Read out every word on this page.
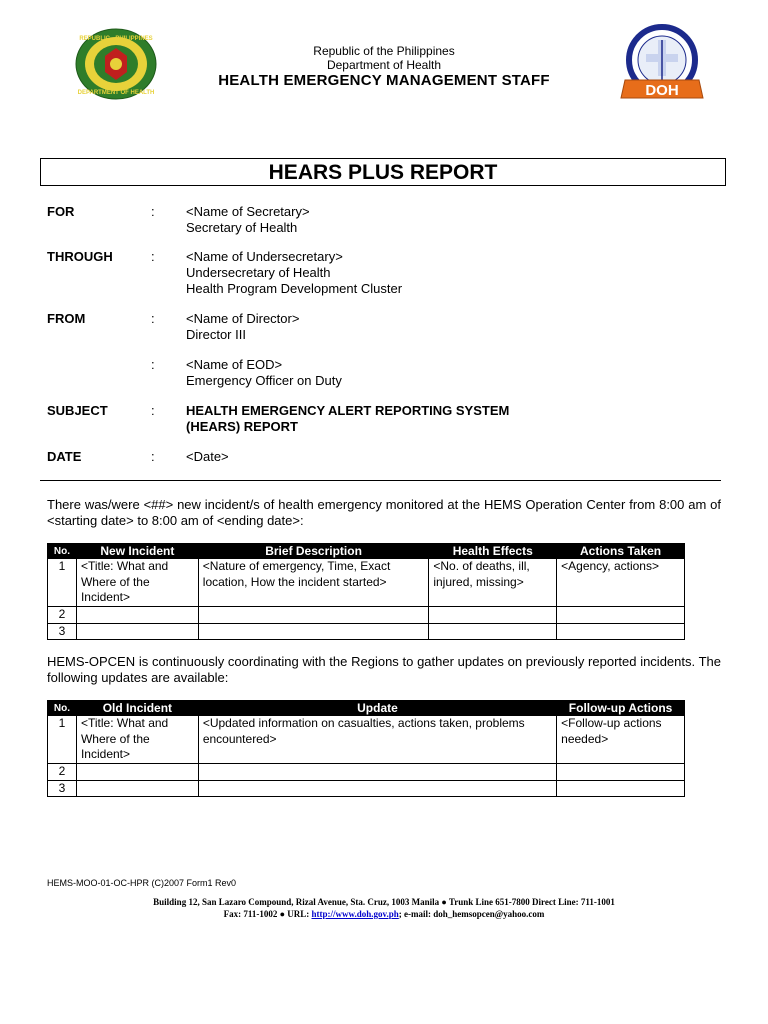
REPUBLIC · PHILIPPINES
DEPARTMENT OF HEALTH	DOH
Republic of the Philippines
Department of Health
HEALTH EMERGENCY MANAGEMENT STAFF
HEARS PLUS REPORT
FOR	: <Name of Secretary>
Secretary of Health
THROUGH	: <Name of Undersecretary>
Undersecretary of Health
Health Program Development Cluster
FROM	: <Name of Director>
Director III
: <Name of EOD>
Emergency Officer on Duty
SUBJECT	: HEALTH EMERGENCY ALERT REPORTING SYSTEM
(HEARS) REPORT
DATE	: <Date>
There was/were <##> new incident/s of health emergency monitored at the HEMS Operation Center from 8:00 am of <starting date> to 8:00 am of <ending date>:
No.	New Incident	Brief Description	Health Effects	Actions Taken
1	<Title: What and Where of the Incident>	<Nature of emergency, Time, Exact location, How the incident started>	<No. of deaths, ill, injured, missing>	<Agency, actions>
2				
3				
HEMS-OPCEN is continuously coordinating with the Regions to gather updates on previously reported incidents. The following updates are available:
No.	Old Incident	Update	Follow-up Actions
1	<Title: What and Where of the Incident>	<Updated information on casualties, actions taken, problems encountered>	<Follow-up actions needed>
2			
3			
HEMS-MOO-01-OC-HPR (C)2007 Form1 Rev0
Building 12, San Lazaro Compound, Rizal Avenue, Sta. Cruz, 1003 Manila ● Trunk Line 651-7800 Direct Line: 711-1001
Fax: 711-1002 ● URL: http://www.doh.gov.ph; e-mail: doh_hemsopcen@yahoo.com
